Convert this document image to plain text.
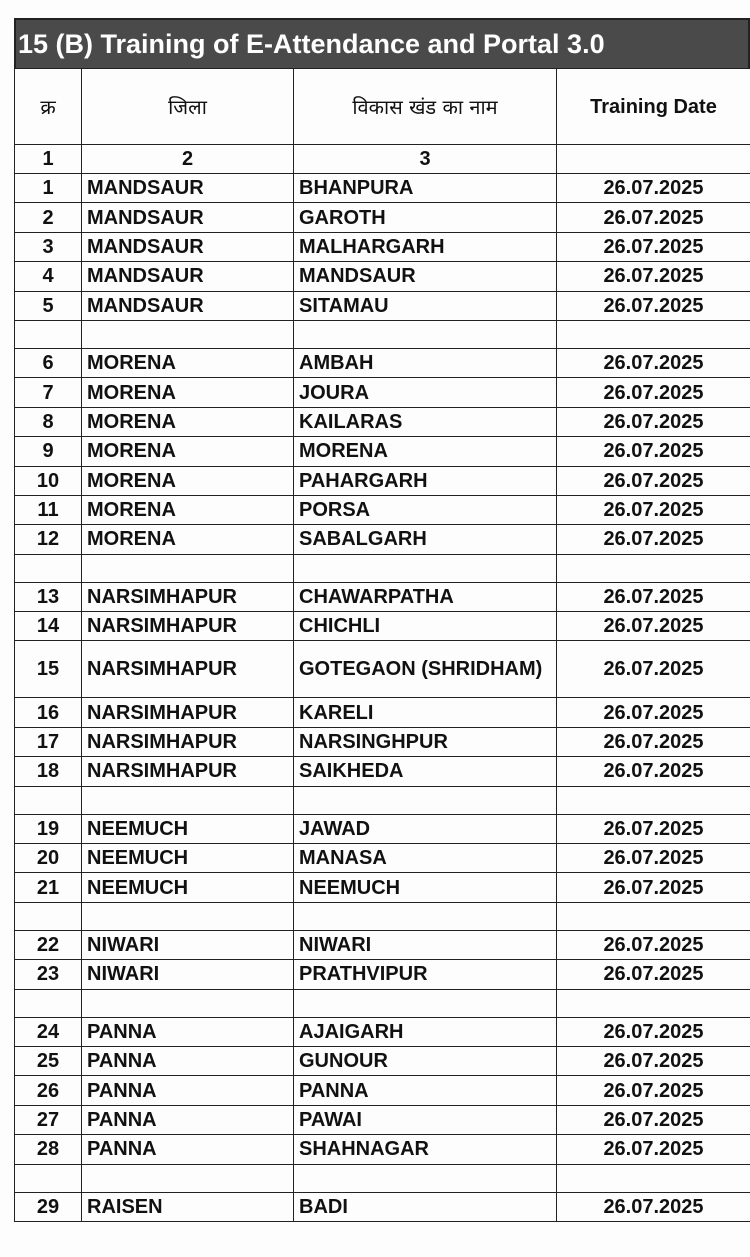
15 (B) Training of E-Attendance and Portal 3.0
क्र	जिला	विकास खंड का नाम	Training Date
1	2	3	
1	MANDSAUR	BHANPURA	26.07.2025
2	MANDSAUR	GAROTH	26.07.2025
3	MANDSAUR	MALHARGARH	26.07.2025
4	MANDSAUR	MANDSAUR	26.07.2025
5	MANDSAUR	SITAMAU	26.07.2025

6	MORENA	AMBAH	26.07.2025
7	MORENA	JOURA	26.07.2025
8	MORENA	KAILARAS	26.07.2025
9	MORENA	MORENA	26.07.2025
10	MORENA	PAHARGARH	26.07.2025
11	MORENA	PORSA	26.07.2025
12	MORENA	SABALGARH	26.07.2025

13	NARSIMHAPUR	CHAWARPATHA	26.07.2025
14	NARSIMHAPUR	CHICHLI	26.07.2025
15	NARSIMHAPUR	GOTEGAON (SHRIDHAM)	26.07.2025
16	NARSIMHAPUR	KARELI	26.07.2025
17	NARSIMHAPUR	NARSINGHPUR	26.07.2025
18	NARSIMHAPUR	SAIKHEDA	26.07.2025

19	NEEMUCH	JAWAD	26.07.2025
20	NEEMUCH	MANASA	26.07.2025
21	NEEMUCH	NEEMUCH	26.07.2025

22	NIWARI	NIWARI	26.07.2025
23	NIWARI	PRATHVIPUR	26.07.2025

24	PANNA	AJAIGARH	26.07.2025
25	PANNA	GUNOUR	26.07.2025
26	PANNA	PANNA	26.07.2025
27	PANNA	PAWAI	26.07.2025
28	PANNA	SHAHNAGAR	26.07.2025

29	RAISEN	BADI	26.07.2025
